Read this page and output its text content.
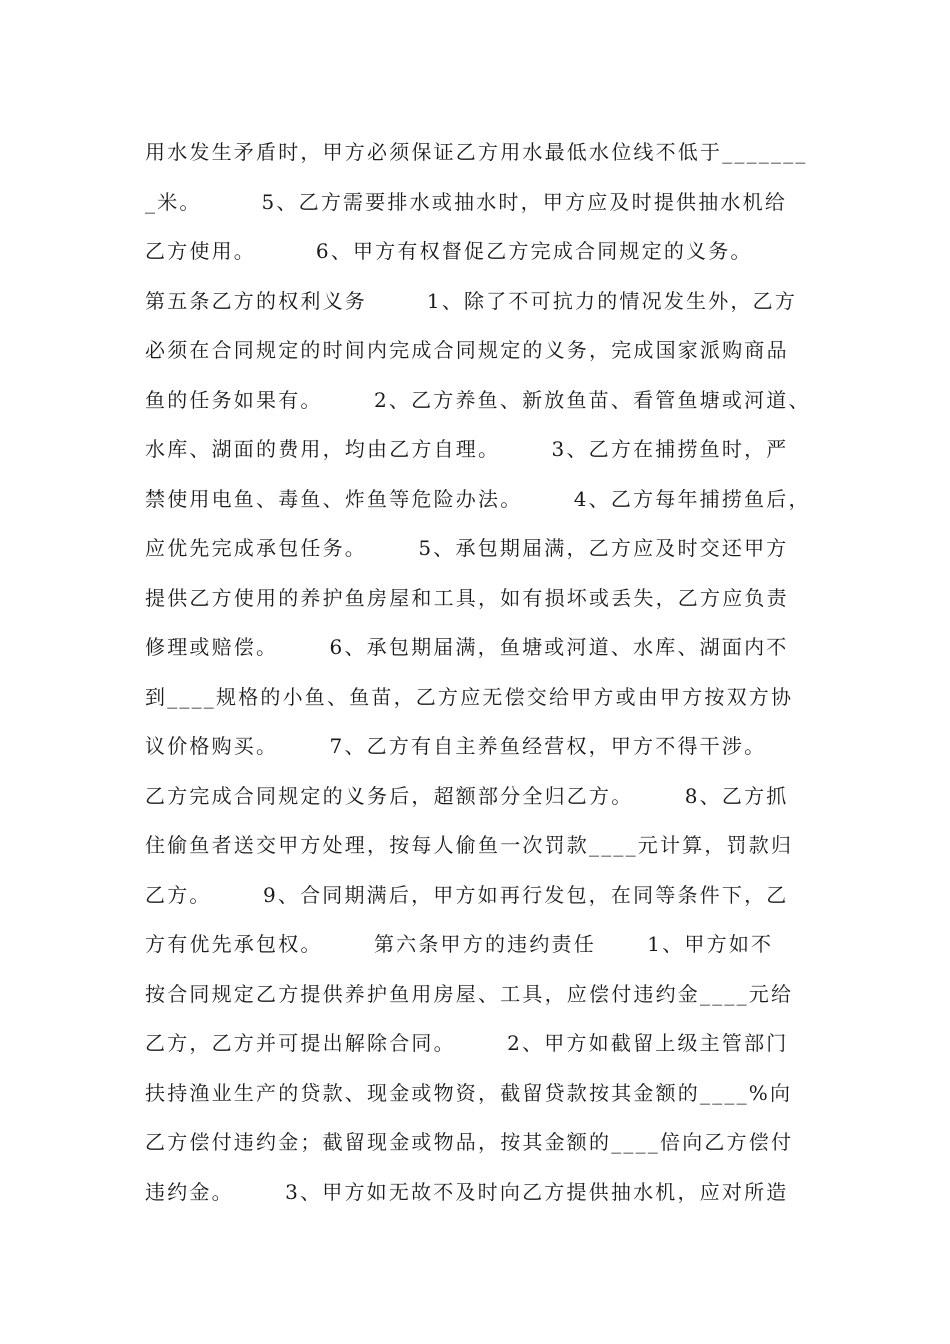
用水发生矛盾时，甲方必须保证乙方用水最低水位线不低于_______
_米。       5、乙方需要排水或抽水时，甲方应及时提供抽水机给
乙方使用。       6、甲方有权督促乙方完成合同规定的义务。
第五条乙方的权利义务       1、除了不可抗力的情况发生外，乙方
必须在合同规定的时间内完成合同规定的义务，完成国家派购商品
鱼的任务如果有。      2、乙方养鱼、新放鱼苗、看管鱼塘或河道、
水库、湖面的费用，均由乙方自理。      3、乙方在捕捞鱼时，严
禁使用电鱼、毒鱼、炸鱼等危险办法。      4、乙方每年捕捞鱼后，
应优先完成承包任务。      5、承包期届满，乙方应及时交还甲方
提供乙方使用的养护鱼房屋和工具，如有损坏或丢失，乙方应负责
修理或赔偿。      6、承包期届满，鱼塘或河道、水库、湖面内不
到____规格的小鱼、鱼苗，乙方应无偿交给甲方或由甲方按双方协
议价格购买。      7、乙方有自主养鱼经营权，甲方不得干涉。
乙方完成合同规定的义务后，超额部分全归乙方。      8、乙方抓
住偷鱼者送交甲方处理，按每人偷鱼一次罚款____元计算，罚款归
乙方。      9、合同期满后，甲方如再行发包，在同等条件下，乙
方有优先承包权。      第六条甲方的违约责任      1、甲方如不
按合同规定乙方提供养护鱼用房屋、工具，应偿付违约金____元给
乙方，乙方并可提出解除合同。      2、甲方如截留上级主管部门
扶持渔业生产的贷款、现金或物资，截留贷款按其金额的____%向
乙方偿付违约金；截留现金或物品，按其金额的____倍向乙方偿付
违约金。      3、甲方如无故不及时向乙方提供抽水机，应对所造
